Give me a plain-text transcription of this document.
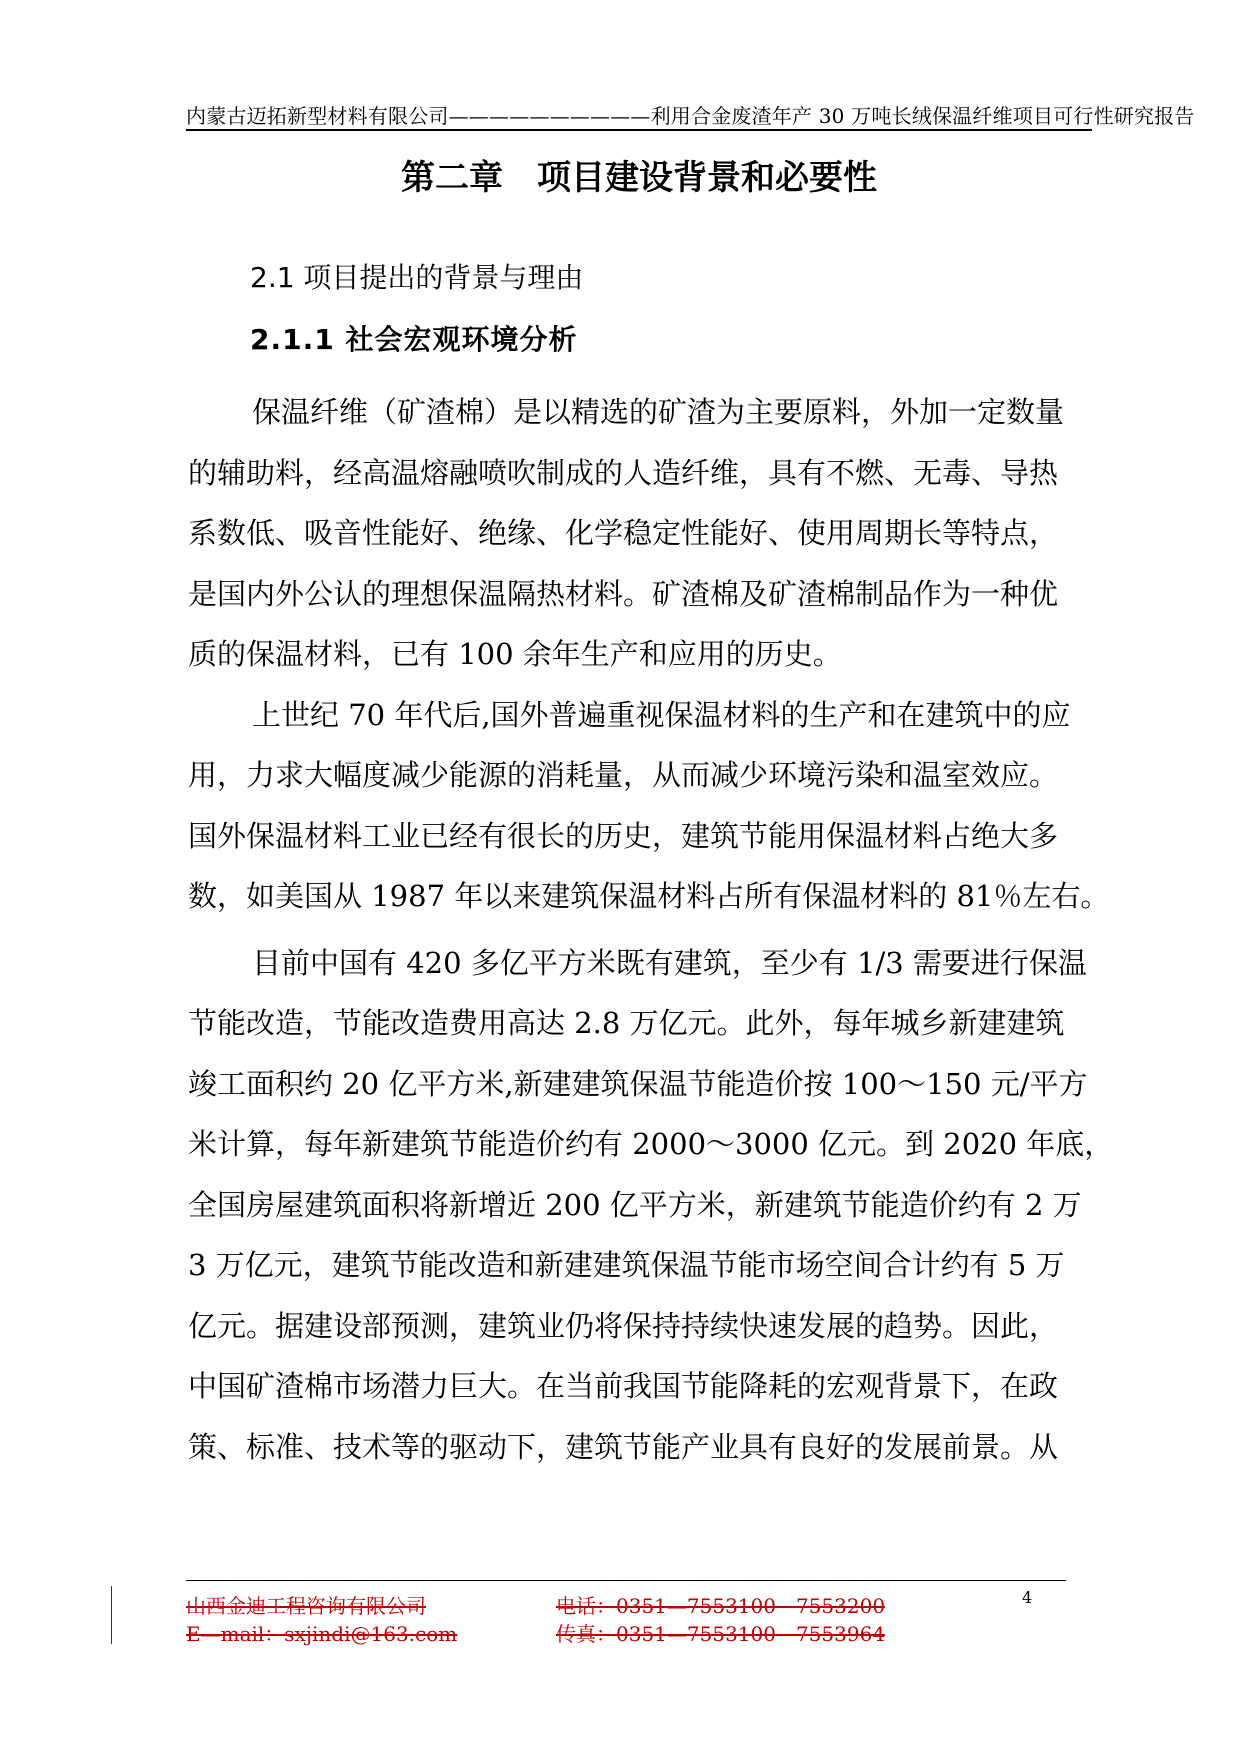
内蒙古迈拓新型材料有限公司——————————利用合金废渣年产 30 万吨长绒保温纤维项目可行性研究报告
第二章　项目建设背景和必要性
2.1 项目提出的背景与理由
2.1.1 社会宏观环境分析
保温纤维（矿渣棉）是以精选的矿渣为主要原料，外加一定数量
的辅助料，经高温熔融喷吹制成的人造纤维，具有不燃、无毒、导热
系数低、吸音性能好、绝缘、化学稳定性能好、使用周期长等特点，
是国内外公认的理想保温隔热材料。矿渣棉及矿渣棉制品作为一种优
质的保温材料，已有 100 余年生产和应用的历史。
上世纪 70 年代后,国外普遍重视保温材料的生产和在建筑中的应
用，力求大幅度减少能源的消耗量，从而减少环境污染和温室效应。
国外保温材料工业已经有很长的历史，建筑节能用保温材料占绝大多
数，如美国从 1987 年以来建筑保温材料占所有保温材料的 81％左右。
目前中国有 420 多亿平方米既有建筑，至少有 1/3 需要进行保温
节能改造，节能改造费用高达 2.8 万亿元。此外，每年城乡新建建筑
竣工面积约 20 亿平方米,新建建筑保温节能造价按 100～150 元/平方
米计算，每年新建筑节能造价约有 2000～3000 亿元。到 2020 年底，
全国房屋建筑面积将新增近 200 亿平方米，新建筑节能造价约有 2 万
3 万亿元，建筑节能改造和新建建筑保温节能市场空间合计约有 5 万
亿元。据建设部预测，建筑业仍将保持持续快速发展的趋势。因此，
中国矿渣棉市场潜力巨大。在当前我国节能降耗的宏观背景下，在政
策、标准、技术等的驱动下，建筑节能产业具有良好的发展前景。从
山西金迪工程咨询有限公司	电话：0351—7553100　7553200
E—mail：sxjindi@163.com	传真：0351—7553100　7553964
4
